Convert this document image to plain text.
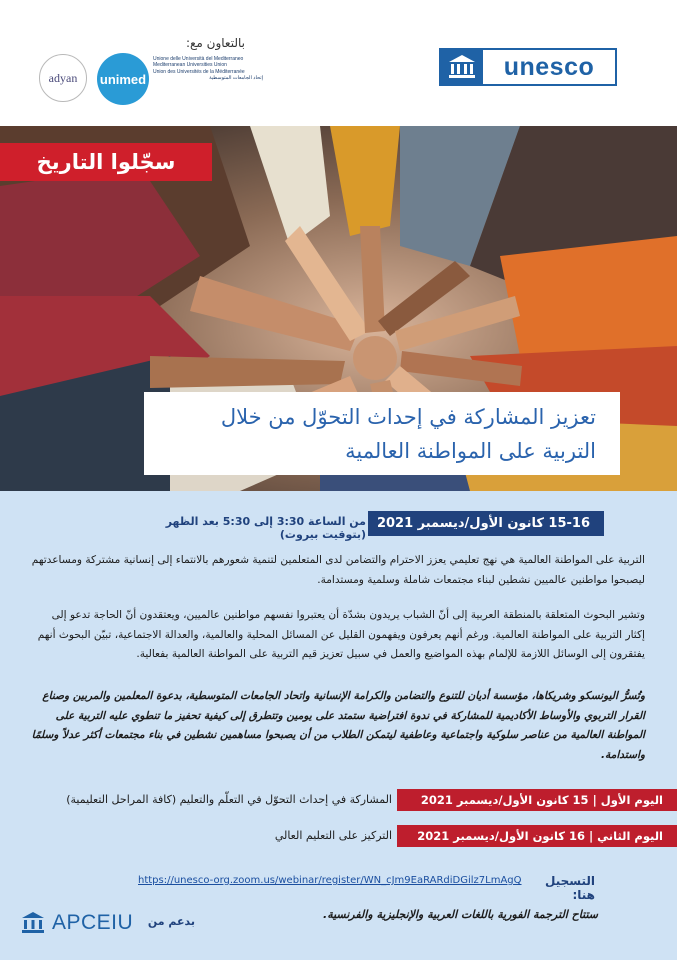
unesco
بالتعاون مع:
adyan unimed
Unione delle Università del Mediterraneo
Mediterranean Universities Union
Union des Universités de la Méditerranée
إتحاد الجامعات المتوسطية
سجّلوا التاريخ
تعزيز المشاركة في إحداث التحوّل من خلال
التربية على المواطنة العالمية
15-16 كانون الأول/ديسمبر 2021
من الساعة 3:30 إلى 5:30 بعد الظهر (بتوقيت بيروت)

التربية على المواطنة العالمية هي نهج تعليمي يعزز الاحترام والتضامن لدى المتعلمين لتنمية شعورهم بالانتماء إلى إنسانية مشتركة ومساعدتهم ليصبحوا مواطنين عالميين نشطين لبناء مجتمعات شاملة وسلمية ومستدامة.

وتشير البحوث المتعلقة بالمنطقة العربية إلى أنّ الشباب يريدون بشدّة أن يعتبروا نفسهم مواطنين عالميين، ويعتقدون أنّ الحاجة تدعو إلى إكثار التربية على المواطنة العالمية. ورغم أنهم يعرفون ويفهمون القليل عن المسائل المحلية والعالمية، والعدالة الاجتماعية، تبيّن البحوث أنهم يفتقرون إلى الوسائل اللازمة للإلمام بهذه المواضيع والعمل في سبيل تعزيز قيم التربية على المواطنة العالمية بفعالية.

وتُسرُّ اليونسكو وشريكاها، مؤسسة أديان للتنوع والتضامن والكرامة الإنسانية واتحاد الجامعات المتوسطية، بدعوة المعلمين والمربين وصناع القرار التربوي والأوساط الأكاديمية للمشاركة في ندوة افتراضية ستمتد على يومين وتتطرق إلى كيفية تحفيز ما تنطوي عليه التربية على المواطنة العالمية من عناصر سلوكية واجتماعية وعاطفية ليتمكن الطلاب من أن يصبحوا مساهمين نشطين في بناء مجتمعات أكثر عدلاً وسلمًا واستدامة.

اليوم الأول | 15 كانون الأول/ديسمبر 2021
المشاركة في إحداث التحوّل في التعلّم والتعليم (كافة المراحل التعليمية)
اليوم الثاني | 16 كانون الأول/ديسمبر 2021
التركيز على التعليم العالي
التسجيل هنا:
https://unesco-org.zoom.us/webinar/register/WN_cJm9EaRARdiDGilz7LmAgQ
ستتاح الترجمة الفورية باللغات العربية والإنجليزية والفرنسية.
APCEIU بدعم من
